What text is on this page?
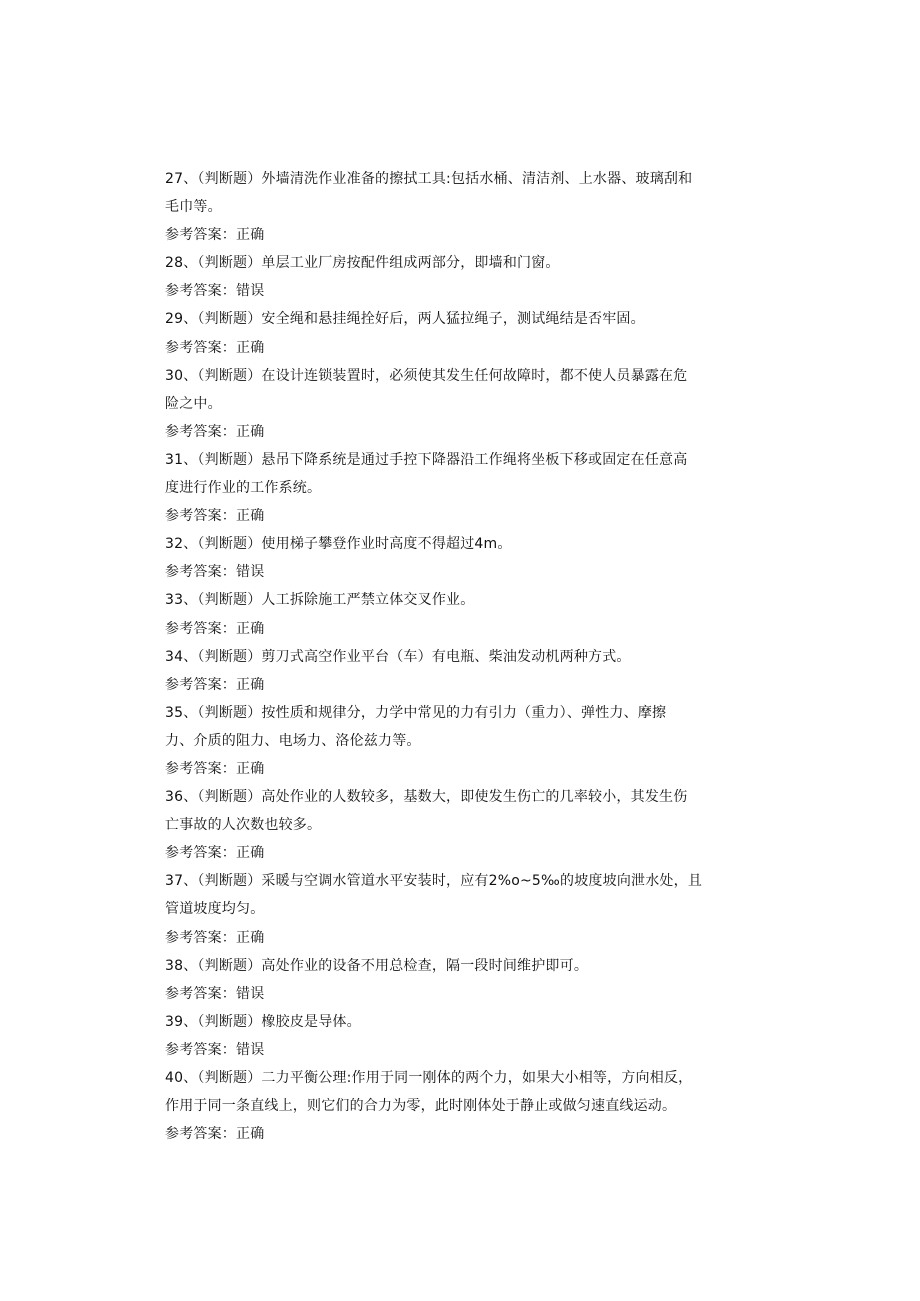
27、（判断题）外墙清洗作业准备的擦拭工具:包括水桶、清洁剂、上水器、玻璃刮和
毛巾等。
参考答案：正确
28、（判断题）单层工业厂房按配件组成两部分，即墙和门窗。
参考答案：错误
29、（判断题）安全绳和悬挂绳拴好后，两人猛拉绳子，测试绳结是否牢固。
参考答案：正确
30、（判断题）在设计连锁装置时，必须使其发生任何故障时，都不使人员暴露在危
险之中。
参考答案：正确
31、（判断题）悬吊下降系统是通过手控下降器沿工作绳将坐板下移或固定在任意高
度进行作业的工作系统。
参考答案：正确
32、（判断题）使用梯子攀登作业时高度不得超过4m。
参考答案：错误
33、（判断题）人工拆除施工严禁立体交叉作业。
参考答案：正确
34、（判断题）剪刀式高空作业平台（车）有电瓶、柴油发动机两种方式。
参考答案：正确
35、（判断题）按性质和规律分，力学中常见的力有引力（重力）、弹性力、摩擦
力、介质的阻力、电场力、洛伦兹力等。
参考答案：正确
36、（判断题）高处作业的人数较多，基数大，即使发生伤亡的几率较小，其发生伤
亡事故的人次数也较多。
参考答案：正确
37、（判断题）采暖与空调水管道水平安装时，应有2%o~5‰的坡度坡向泄水处，且
管道坡度均匀。
参考答案：正确
38、（判断题）高处作业的设备不用总检查，隔一段时间维护即可。
参考答案：错误
39、（判断题）橡胶皮是导体。
参考答案：错误
40、（判断题）二力平衡公理:作用于同一刚体的两个力，如果大小相等，方向相反，
作用于同一条直线上，则它们的合力为零，此时刚体处于静止或做匀速直线运动。
参考答案：正确
